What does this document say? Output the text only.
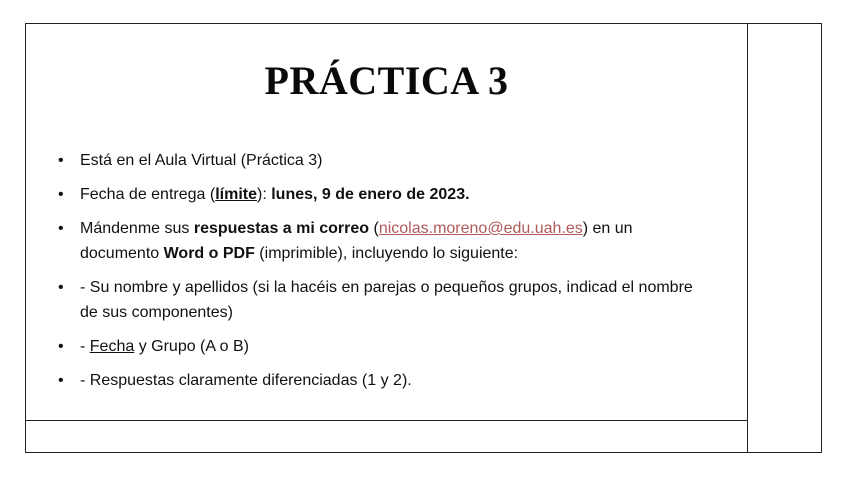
PRÁCTICA 3
• Está en el Aula Virtual (Práctica 3)
• Fecha de entrega (límite): lunes, 9 de enero de 2023.
• Mándenme sus respuestas a mi correo (nicolas.moreno@edu.uah.es) en un documento Word o PDF (imprimible), incluyendo lo siguiente:
• - Su nombre y apellidos (si la hacéis en parejas o pequeños grupos, indicad el nombre de sus componentes)
• - Fecha y Grupo (A o B)
• - Respuestas claramente diferenciadas (1 y 2).
